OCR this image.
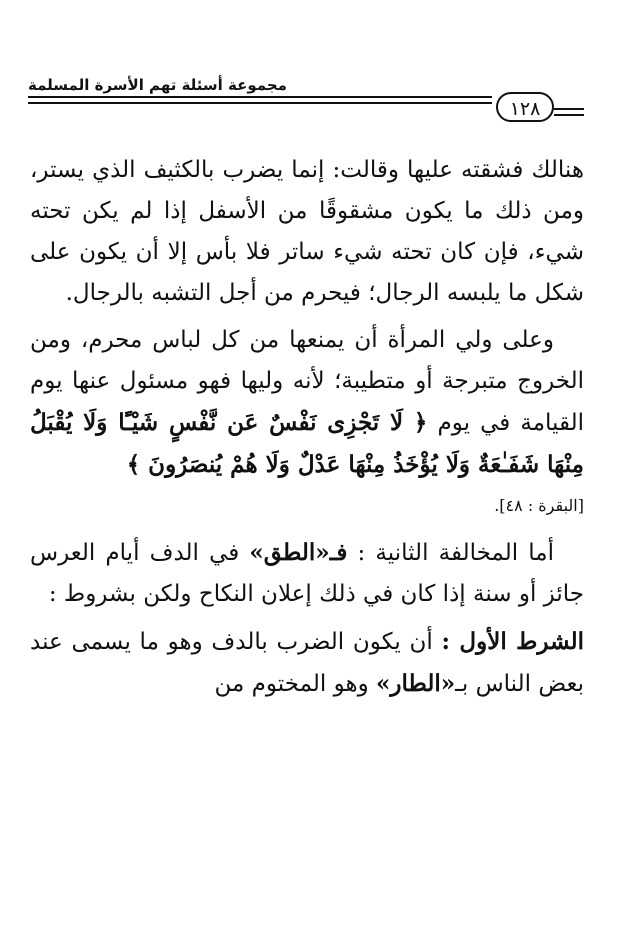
مجموعة أسئلة تهم الأسرة المسلمة
١٢٨

هنالك فشقته عليها وقالت: إنما يضرب بالكثيف الذي يستر، ومن ذلك ما يكون مشقوقًا من الأسفل إذا لم يكن تحته شيء، فإن كان تحته شيء ساتر فلا بأس إلا أن يكون على شكل ما يلبسه الرجال؛ فيحرم من أجل التشبه بالرجال.

وعلى ولي المرأة أن يمنعها من كل لباس محرم، ومن الخروج متبرجة أو متطيبة؛ لأنه وليها فهو مسئول عنها يوم القيامة في يوم ﴿ لَا تَجْزِى نَفْسٌ عَن نَّفْسٍ شَيْـًٔا وَلَا يُقْبَلُ مِنْهَا شَفَـٰعَةٌ وَلَا يُؤْخَذُ مِنْهَا عَدْلٌ وَلَا هُمْ يُنصَرُونَ ﴾

[البقرة : ٤٨].

أما المخالفة الثانية : فـ«الطق» في الدف أيام العرس جائز أو سنة إذا كان في ذلك إعلان النكاح ولكن بشروط :

الشرط الأول : أن يكون الضرب بالدف وهو ما يسمى عند بعض الناس بـ«الطار» وهو المختوم من
